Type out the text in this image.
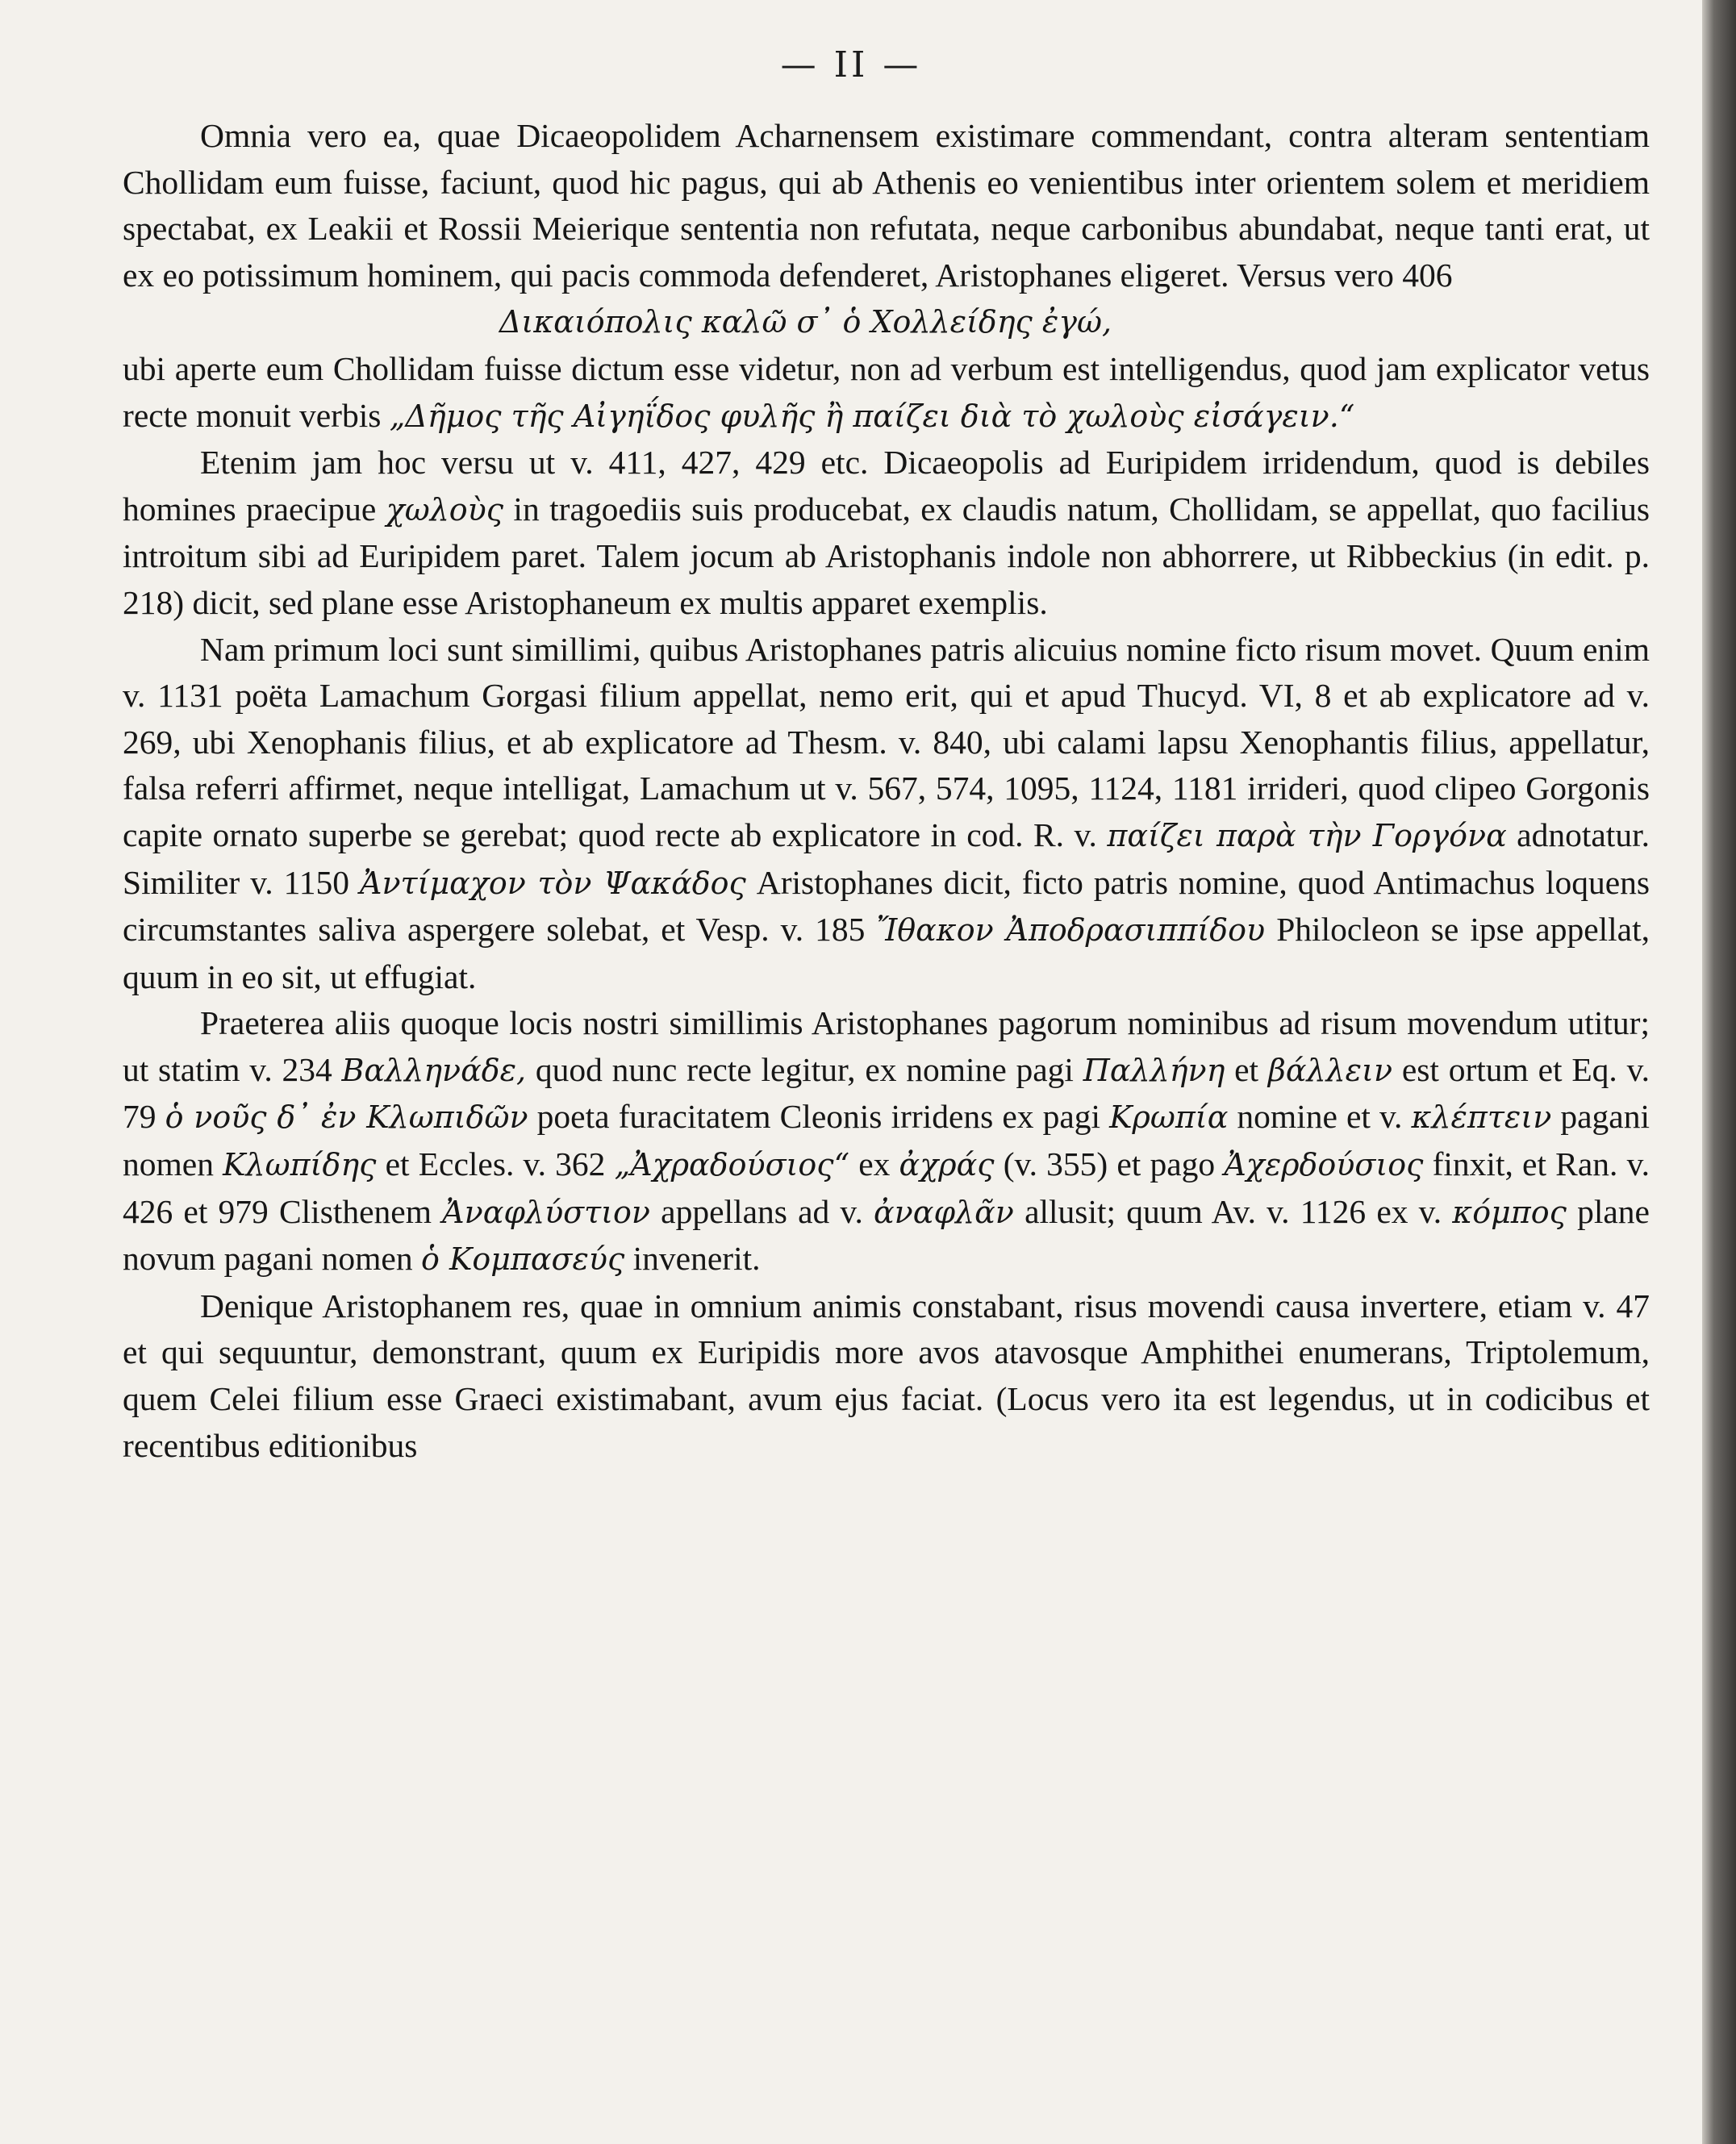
— II —

Omnia vero ea, quae Dicaeopolidem Acharnensem existimare commendant, contra alteram sententiam Chollidam eum fuisse, faciunt, quod hic pagus, qui ab Athenis eo venientibus inter orientem solem et meridiem spectabat, ex Leakii et Rossii Meierique sententia non refutata, neque carbonibus abundabat, neque tanti erat, ut ex eo potissimum hominem, qui pacis commoda defenderet, Aristophanes eligeret. Versus vero 406

Δικαιόπολις καλῶ σ᾽ ὁ Χολλείδης ἐγώ,

ubi aperte eum Chollidam fuisse dictum esse videtur, non ad verbum est intelligendus, quod jam explicator vetus recte monuit verbis „Δῆμος τῆς Αἰγηΐδος φυλῆς ἢ παίζει διὰ τὸ χωλοὺς εἰσάγειν.“

Etenim jam hoc versu ut v. 411, 427, 429 etc. Dicaeopolis ad Euripidem irridendum, quod is debiles homines praecipue χωλοὺς in tragoediis suis producebat, ex claudis natum, Chollidam, se appellat, quo facilius introitum sibi ad Euripidem paret. Talem jocum ab Aristophanis indole non abhorrere, ut Ribbeckius (in edit. p. 218) dicit, sed plane esse Aristophaneum ex multis apparet exemplis.

Nam primum loci sunt simillimi, quibus Aristophanes patris alicuius nomine ficto risum movet. Quum enim v. 1131 poëta Lamachum Gorgasi filium appellat, nemo erit, qui et apud Thucyd. VI, 8 et ab explicatore ad v. 269, ubi Xenophanis filius, et ab explicatore ad Thesm. v. 840, ubi calami lapsu Xenophantis filius, appellatur, falsa referri affirmet, neque intelligat, Lamachum ut v. 567, 574, 1095, 1124, 1181 irrideri, quod clipeo Gorgonis capite ornato superbe se gerebat; quod recte ab explicatore in cod. R. v. παίζει παρὰ τὴν Γοργόνα adnotatur. Similiter v. 1150 Ἀντίμαχον τὸν Ψακάδος Aristophanes dicit, ficto patris nomine, quod Antimachus loquens circumstantes saliva aspergere solebat, et Vesp. v. 185 Ἴθακον Ἀποδρασιππίδου Philocleon se ipse appellat, quum in eo sit, ut effugiat.

Praeterea aliis quoque locis nostri simillimis Aristophanes pagorum nominibus ad risum movendum utitur; ut statim v. 234 Βαλληνάδε, quod nunc recte legitur, ex nomine pagi Παλλήνη et βάλλειν est ortum et Eq. v. 79 ὁ νοῦς δ᾽ ἐν Κλωπιδῶν poeta furacitatem Cleonis irridens ex pagi Κρωπία nomine et v. κλέπτειν pagani nomen Κλωπίδης et Eccles. v. 362 „Ἀχραδούσιος“ ex ἀχράς (v. 355) et pago Ἀχερδούσιος finxit, et Ran. v. 426 et 979 Clisthenem Ἀναφλύστιον appellans ad v. ἀναφλᾶν allusit; quum Av. v. 1126 ex v. κόμπος plane novum pagani nomen ὁ Κομπασεύς invenerit.

Denique Aristophanem res, quae in omnium animis constabant, risus movendi causa invertere, etiam v. 47 et qui sequuntur, demonstrant, quum ex Euripidis more avos atavosque Amphithei enumerans, Triptolemum, quem Celei filium esse Graeci existimabant, avum ejus faciat. (Locus vero ita est legendus, ut in codicibus et recentibus editionibus
